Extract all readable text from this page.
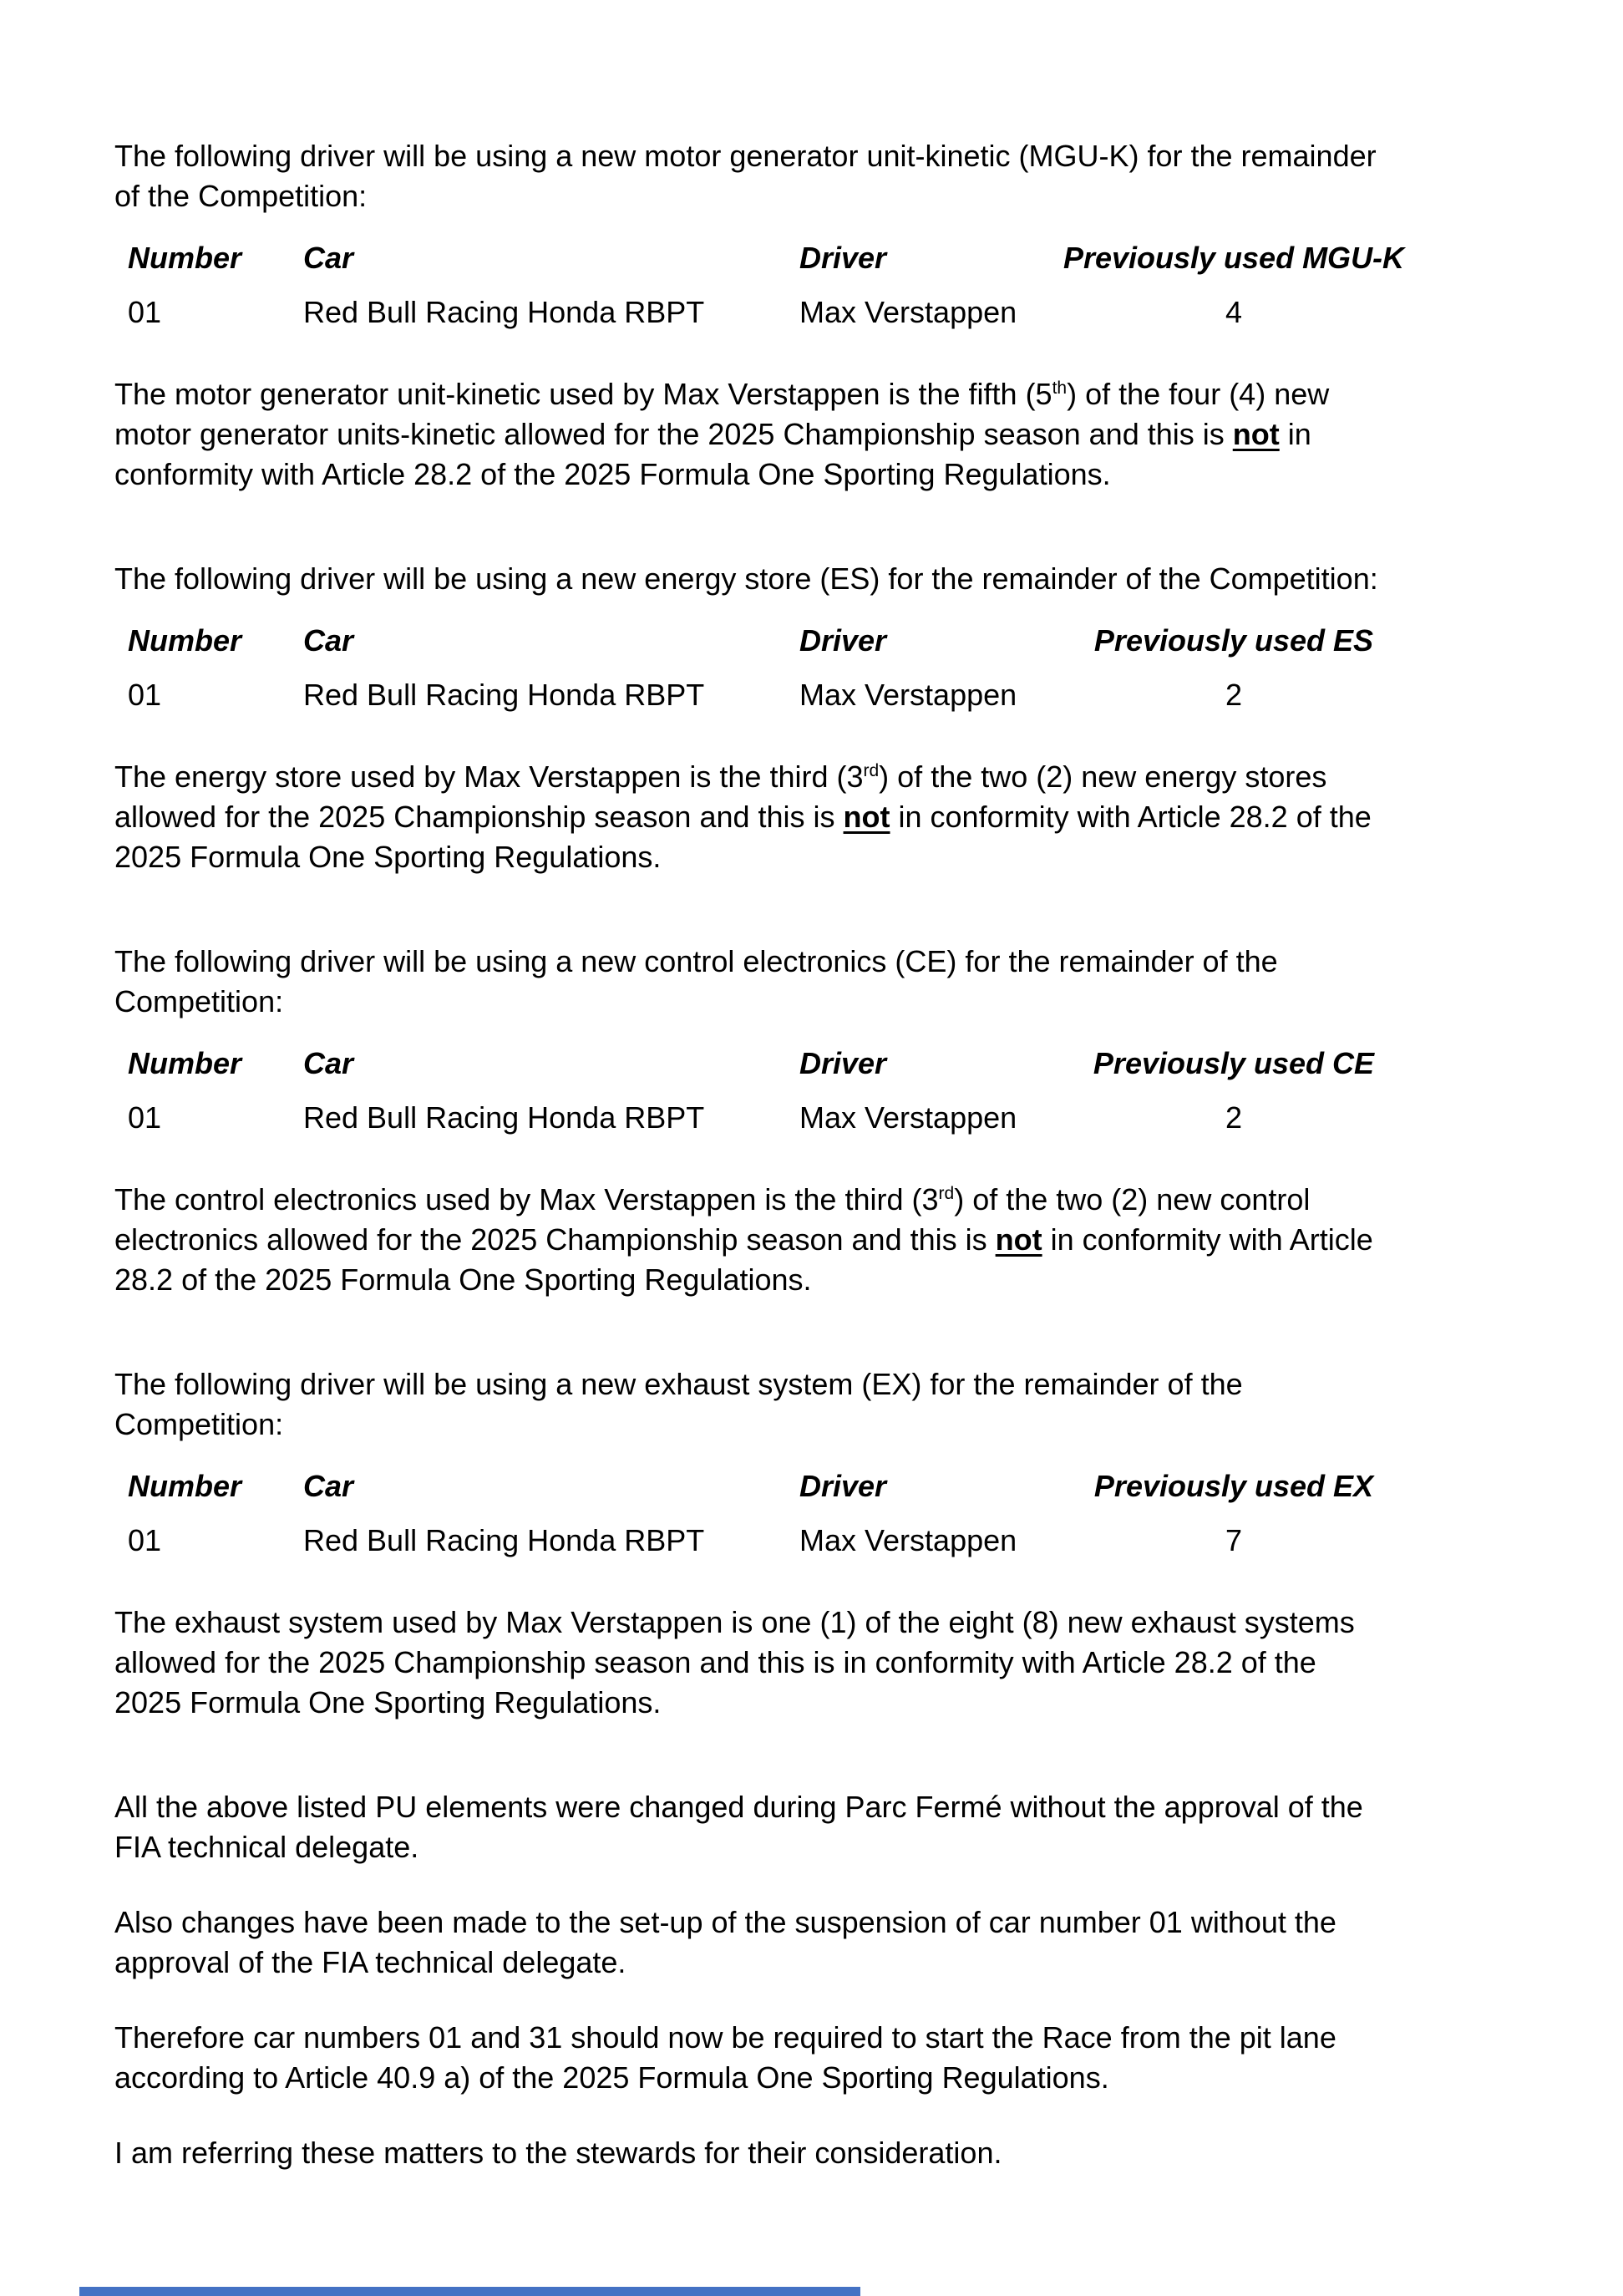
The following driver will be using a new motor generator unit-kinetic (MGU-K) for the remainder
of the Competition:

Number	Car	Driver	Previously used MGU-K
01	Red Bull Racing Honda RBPT	Max Verstappen	4

The motor generator unit-kinetic used by Max Verstappen is the fifth (5th) of the four (4) new
motor generator units-kinetic allowed for the 2025 Championship season and this is not in
conformity with Article 28.2 of the 2025 Formula One Sporting Regulations.

The following driver will be using a new energy store (ES) for the remainder of the Competition:

Number	Car	Driver	Previously used ES
01	Red Bull Racing Honda RBPT	Max Verstappen	2

The energy store used by Max Verstappen is the third (3rd) of the two (2) new energy stores
allowed for the 2025 Championship season and this is not in conformity with Article 28.2 of the
2025 Formula One Sporting Regulations.

The following driver will be using a new control electronics (CE) for the remainder of the
Competition:

Number	Car	Driver	Previously used CE
01	Red Bull Racing Honda RBPT	Max Verstappen	2

The control electronics used by Max Verstappen is the third (3rd) of the two (2) new control
electronics allowed for the 2025 Championship season and this is not in conformity with Article
28.2 of the 2025 Formula One Sporting Regulations.

The following driver will be using a new exhaust system (EX) for the remainder of the
Competition:

Number	Car	Driver	Previously used EX
01	Red Bull Racing Honda RBPT	Max Verstappen	7

The exhaust system used by Max Verstappen is one (1) of the eight (8) new exhaust systems
allowed for the 2025 Championship season and this is in conformity with Article 28.2 of the
2025 Formula One Sporting Regulations.

All the above listed PU elements were changed during Parc Fermé without the approval of the
FIA technical delegate.

Also changes have been made to the set-up of the suspension of car number 01 without the
approval of the FIA technical delegate.

Therefore car numbers 01 and 31 should now be required to start the Race from the pit lane
according to Article 40.9 a) of the 2025 Formula One Sporting Regulations.

I am referring these matters to the stewards for their consideration.
